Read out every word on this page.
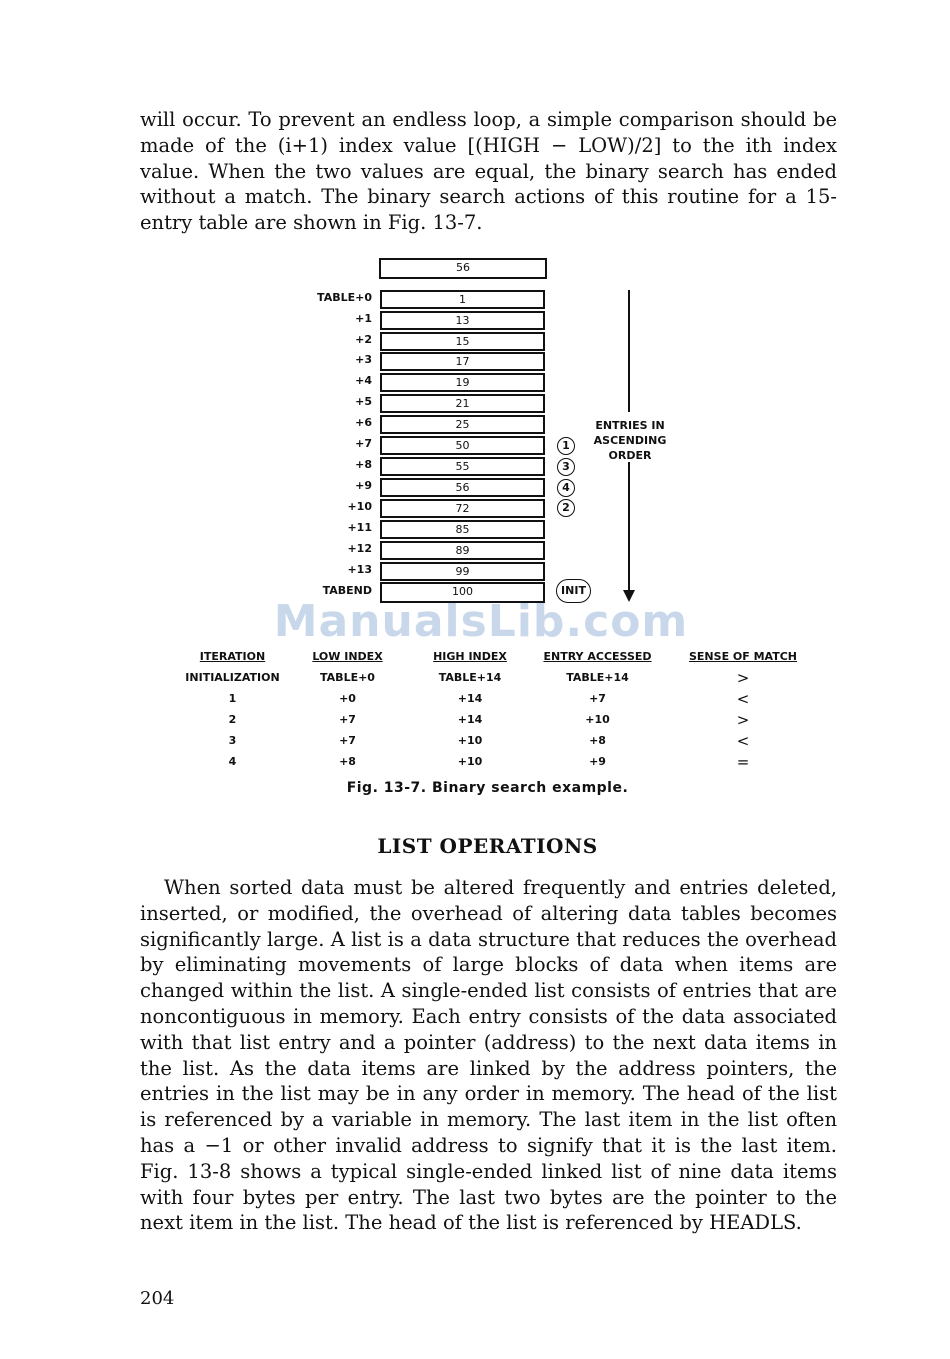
will occur. To prevent an endless loop, a simple comparison should be made of the (i+1) index value [(HIGH − LOW)/2] to the ith index value. When the two values are equal, the binary search has ended without a match. The binary search actions of this routine for a 15-entry table are shown in Fig. 13-7.
56
TABLE+0	1
+1	13
+2	15
+3	17
+4	19
+5	21
+6	25
+7	50
+8	55
+9	56
+10	72
+11	85
+12	89
+13	99
TABEND	100
1
3
4
2
INIT
ENTRIES IN
ASCENDING
ORDER
ManualsLib.com
ITERATION	LOW INDEX	HIGH INDEX	ENTRY ACCESSED	SENSE OF MATCH
INITIALIZATION	TABLE+0	TABLE+14	TABLE+14	>
1	+0	+14	+7	<
2	+7	+14	+10	>
3	+7	+10	+8	<
4	+8	+10	+9	=
Fig. 13-7. Binary search example.
LIST OPERATIONS
When sorted data must be altered frequently and entries deleted, inserted, or modified, the overhead of altering data tables becomes significantly large. A list is a data structure that reduces the overhead by eliminating movements of large blocks of data when items are changed within the list. A single-ended list consists of entries that are noncontiguous in memory. Each entry consists of the data associated with that list entry and a pointer (address) to the next data items in the list. As the data items are linked by the address pointers, the entries in the list may be in any order in memory. The head of the list is referenced by a variable in memory. The last item in the list often has a −1 or other invalid address to signify that it is the last item. Fig. 13-8 shows a typical single-ended linked list of nine data items with four bytes per entry. The last two bytes are the pointer to the next item in the list. The head of the list is referenced by HEADLS.
204
